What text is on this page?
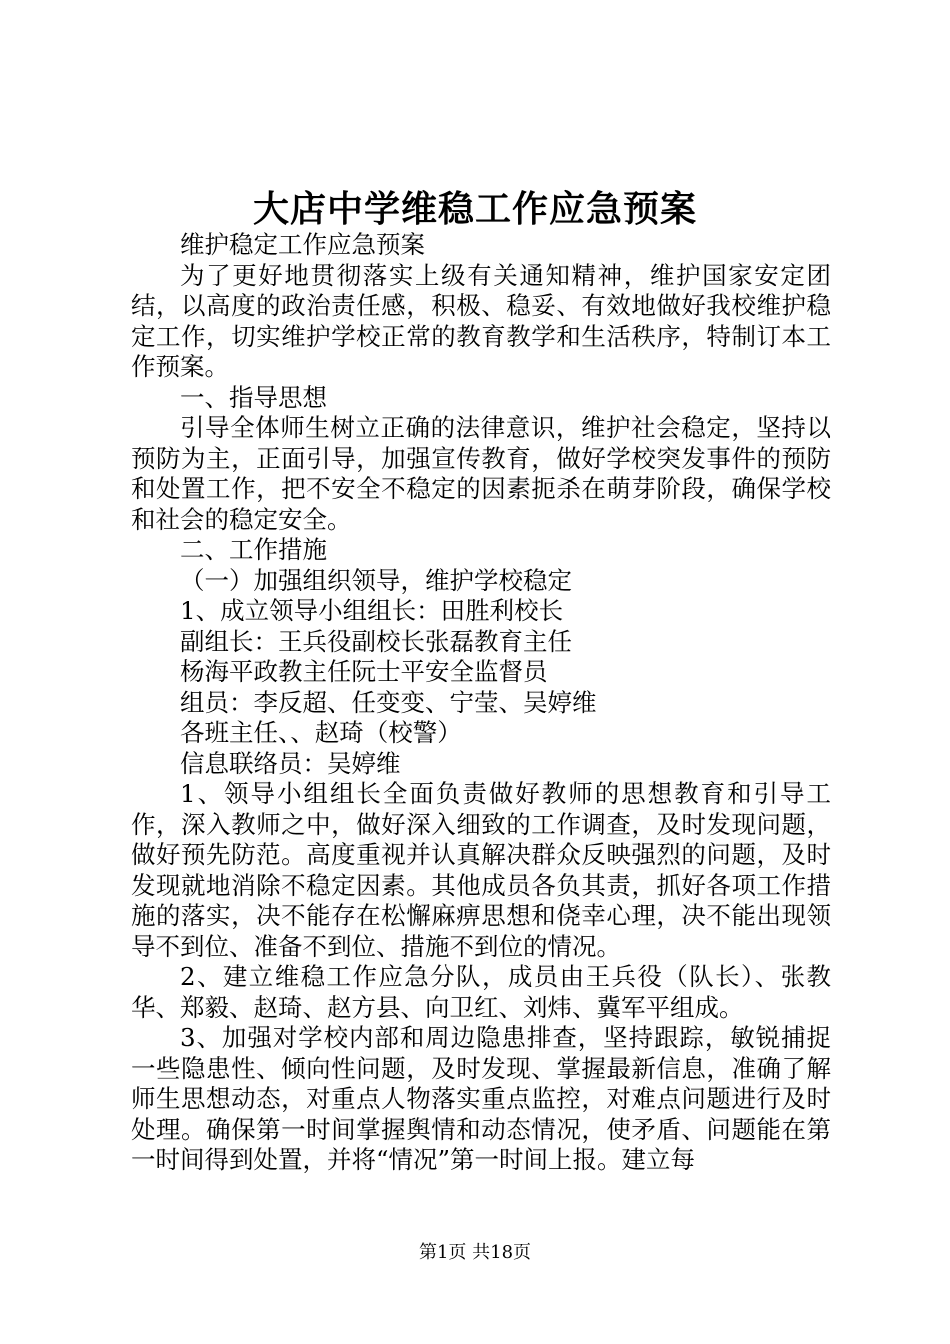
大店中学维稳工作应急预案

维护稳定工作应急预案

为了更好地贯彻落实上级有关通知精神，维护国家安定团结，以高度的政治责任感，积极、稳妥、有效地做好我校维护稳定工作，切实维护学校正常的教育教学和生活秩序，特制订本工作预案。

一、指导思想

引导全体师生树立正确的法律意识，维护社会稳定，坚持以预防为主，正面引导，加强宣传教育，做好学校突发事件的预防和处置工作，把不安全不稳定的因素扼杀在萌芽阶段，确保学校和社会的稳定安全。

二、工作措施

（一）加强组织领导，维护学校稳定

1、成立领导小组组长：田胜利校长

副组长：王兵役副校长张磊教育主任

杨海平政教主任阮士平安全监督员

组员：李反超、任变变、宁莹、吴婷维

各班主任、、赵琦（校警）

信息联络员：吴婷维

1、领导小组组长全面负责做好教师的思想教育和引导工作，深入教师之中，做好深入细致的工作调查，及时发现问题，做好预先防范。高度重视并认真解决群众反映强烈的问题，及时发现就地消除不稳定因素。其他成员各负其责，抓好各项工作措施的落实，决不能存在松懈麻痹思想和侥幸心理，决不能出现领导不到位、准备不到位、措施不到位的情况。

2、建立维稳工作应急分队，成员由王兵役（队长）、张教华、郑毅、赵琦、赵方县、向卫红、刘炜、冀军平组成。

3、加强对学校内部和周边隐患排查，坚持跟踪，敏锐捕捉一些隐患性、倾向性问题，及时发现、掌握最新信息，准确了解师生思想动态，对重点人物落实重点监控，对难点问题进行及时处理。确保第一时间掌握舆情和动态情况，使矛盾、问题能在第一时间得到处置，并将“情况”第一时间上报。建立每

第1页 共18页
